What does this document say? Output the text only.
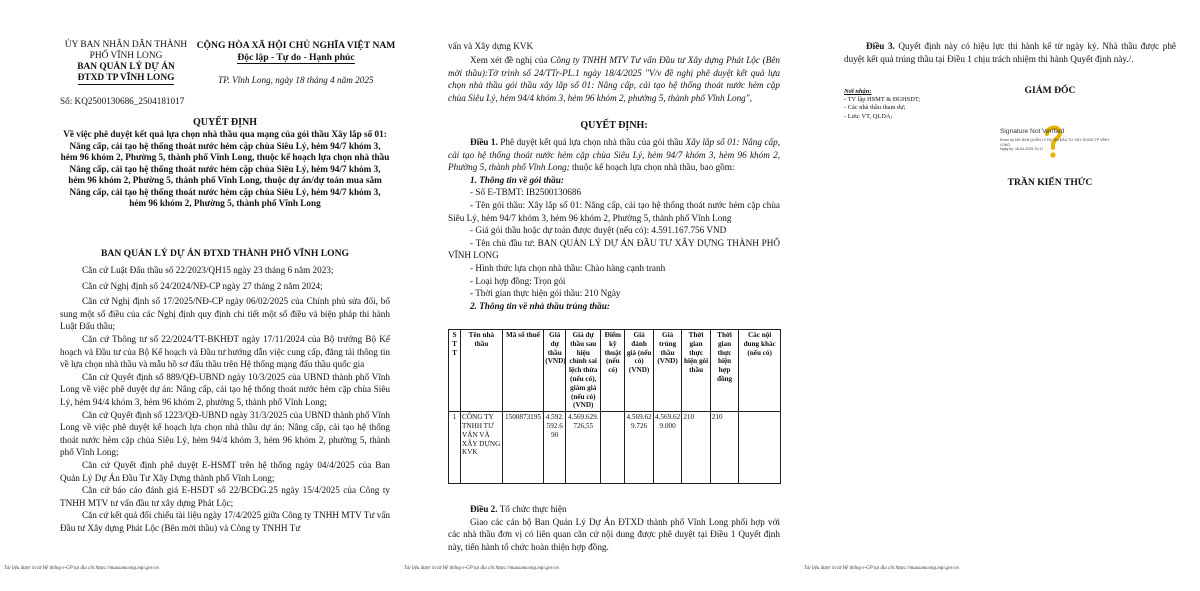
ỦY BAN NHÂN DÂN THÀNH
PHỐ VĨNH LONG
BAN QUẢN LÝ DỰ ÁN
ĐTXD TP VĨNH LONG
CỘNG HÒA XÃ HỘI CHỦ NGHĨA VIỆT NAM
Độc lập - Tự do - Hạnh phúc
TP. Vĩnh Long, ngày 18 tháng 4 năm 2025
Số: KQ2500130686_2504181017
QUYẾT ĐỊNH
Về việc phê duyệt kết quả lựa chọn nhà thầu qua mạng của gói thầu Xây lắp số 01: Nâng cấp, cải tạo hệ thống thoát nước hẻm cặp chùa Siêu Lý, hẻm 94/7 khóm 3, hẻm 96 khóm 2, Phường 5, thành phố Vĩnh Long, thuộc kế hoạch lựa chọn nhà thầu Nâng cấp, cải tạo hệ thống thoát nước hẻm cặp chùa Siêu Lý, hẻm 94/7 khóm 3, hẻm 96 khóm 2, Phường 5, thành phố Vĩnh Long, thuộc dự án/dự toán mua sắm Nâng cấp, cải tạo hệ thống thoát nước hẻm cặp chùa Siêu Lý, hẻm 94/7 khóm 3, hẻm 96 khóm 2, Phường 5, thành phố Vĩnh Long
BAN QUẢN LÝ DỰ ÁN ĐTXD THÀNH PHỐ VĨNH LONG

Căn cứ Luật Đấu thầu số 22/2023/QH15 ngày 23 tháng 6 năm 2023;

Căn cứ Nghị định số 24/2024/NĐ-CP ngày 27 tháng 2 năm 2024;

Căn cứ Nghị định số 17/2025/NĐ-CP ngày 06/02/2025 của Chính phủ sửa đổi, bổ sung một số điều của các Nghị định quy định chi tiết một số điều và biện pháp thi hành Luật Đấu thầu;

Căn cứ Thông tư số 22/2024/TT-BKHĐT ngày 17/11/2024 của Bộ trưởng Bộ Kế hoạch và Đầu tư của Bộ Kế hoạch và Đầu tư hướng dẫn việc cung cấp, đăng tải thông tin về lựa chọn nhà thầu và mẫu hồ sơ đấu thầu trên Hệ thống mạng đấu thầu quốc gia

Căn cứ Quyết định số 889/QĐ-UBND ngày 10/3/2025 của UBND thành phố Vĩnh Long về việc phê duyệt dự án: Nâng cấp, cải tạo hệ thống thoát nước hẻm cặp chùa Siêu Lý, hẻm 94/4 khóm 3, hẻm 96 khóm 2, phường 5, thành phố Vĩnh Long;

Căn cứ Quyết định số 1223/QĐ-UBND ngày 31/3/2025 của UBND thành phố Vĩnh Long về việc phê duyệt kế hoạch lựa chọn nhà thầu dự án: Nâng cấp, cải tạo hệ thống thoát nước hẻm cặp chùa Siêu Lý, hẻm 94/4 khóm 3, hẻm 96 khóm 2, phường 5, thành phố Vĩnh Long;

Căn cứ Quyết định phê duyệt E-HSMT trên hệ thống ngày 04/4/2025 của Ban Quản Lý Dự Án Đầu Tư Xây Dựng thành phố Vĩnh Long;

Căn cứ báo cáo đánh giá E-HSDT số 22/BCĐG.25 ngày 15/4/2025 của Công ty TNHH MTV tư vấn đầu tư xây dựng Phát Lộc;

Căn cứ kết quả đối chiếu tài liệu ngày 17/4/2025 giữa Công ty TNHH MTV Tư vấn Đầu tư Xây dựng Phát Lộc (Bên mời thầu) và Công ty TNHH Tư

Tài liệu được in từ Hệ thống e-GP tại địa chỉ https://muasamcong.mpi.gov.vn
vấn và Xây dựng KVK

Xem xét đề nghị của Công ty TNHH MTV Tư vấn Đầu tư Xây dựng Phát Lộc (Bên mời thầu):Tờ trình số 24/TTr-PL.1 ngày 18/4/2025 "V/v đề nghị phê duyệt kết quả lựa chọn nhà thầu gói thầu xây lắp số 01: Nâng cấp, cải tạo hệ thống thoát nước hẻm cặp chùa Siêu Lý, hẻm 94/4 khóm 3, hẻm 96 khóm 2, phường 5, thành phố Vĩnh Long",

QUYẾT ĐỊNH:

Điều 1. Phê duyệt kết quả lựa chọn nhà thầu của gói thầu Xây lắp số 01: Nâng cấp, cải tạo hệ thống thoát nước hẻm cặp chùa Siêu Lý, hẻm 94/7 khóm 3, hẻm 96 khóm 2, Phường 5, thành phố Vĩnh Long; thuộc kế hoạch lựa chọn nhà thầu, bao gồm:

1. Thông tin về gói thầu:

- Số E-TBMT: IB2500130686

- Tên gói thầu: Xây lắp số 01: Nâng cấp, cải tạo hệ thống thoát nước hẻm cặp chùa Siêu Lý, hẻm 94/7 khóm 3, hẻm 96 khóm 2, Phường 5, thành phố Vĩnh Long

- Giá gói thầu hoặc dự toán được duyệt (nếu có): 4.591.167.756 VND

- Tên chủ đầu tư: BAN QUẢN LÝ DỰ ÁN ĐẦU TƯ XÂY DỰNG THÀNH PHỐ VĨNH LONG

- Hình thức lựa chọn nhà thầu: Chào hàng cạnh tranh

- Loại hợp đồng: Trọn gói

- Thời gian thực hiện gói thầu: 210 Ngày

2. Thông tin về nhà thầu trúng thầu:

S T T	Tên nhà thầu	Mã số thuế	Giá dự thầu (VND)	Giá dự thầu sau hiệu chỉnh sai lệch thừa (nếu có), giảm giá (nếu có) (VND)	Điểm kỹ thuật (nếu có)	Giá đánh giá (nếu có) (VND)	Giá trúng thầu (VND)	Thời gian thực hiện gói thầu	Thời gian thực hiện hợp đồng	Các nội dung khác (nếu có)
1	CÔNG TY TNHH TƯ VẤN VÀ XÂY DỰNG KVK	1500873195	4.592.592.690	4.569.629.726,55		4.569.629.726	4.569.629.000	210	210	

Điều 2. Tổ chức thực hiện

Giao các cán bộ Ban Quản Lý Dự Án ĐTXD thành phố Vĩnh Long phối hợp với các nhà thầu đơn vị có liên quan căn cứ nội dung được phê duyệt tại Điều 1 Quyết định này, tiến hành tổ chức hoàn thiện hợp đồng.

Tài liệu được in từ Hệ thống e-GP tại địa chỉ https://muasamcong.mpi.gov.vn

Điều 3. Quyết định này có hiệu lực thi hành kể từ ngày ký. Nhà thầu được phê duyệt kết quả trúng thầu tại Điều 1 chịu trách nhiệm thi hành Quyết định này./.

Nơi nhận:
- TV lập HSMT & ĐGHSDT;
- Các nhà thầu tham dự;
- Lưu: VT, QLDA;
GIÁM ĐỐC
Signature Not Verified
Được ký bởi: BAN QUẢN LÝ DỰ ÁN ĐẦU TƯ XÂY DỰNG TP VĨNH LONG
Ngày ký: 18-04-2025 10:17
TRẦN KIẾN THỨC
Tài liệu được in từ Hệ thống e-GP tại địa chỉ https://muasamcong.mpi.gov.vn
